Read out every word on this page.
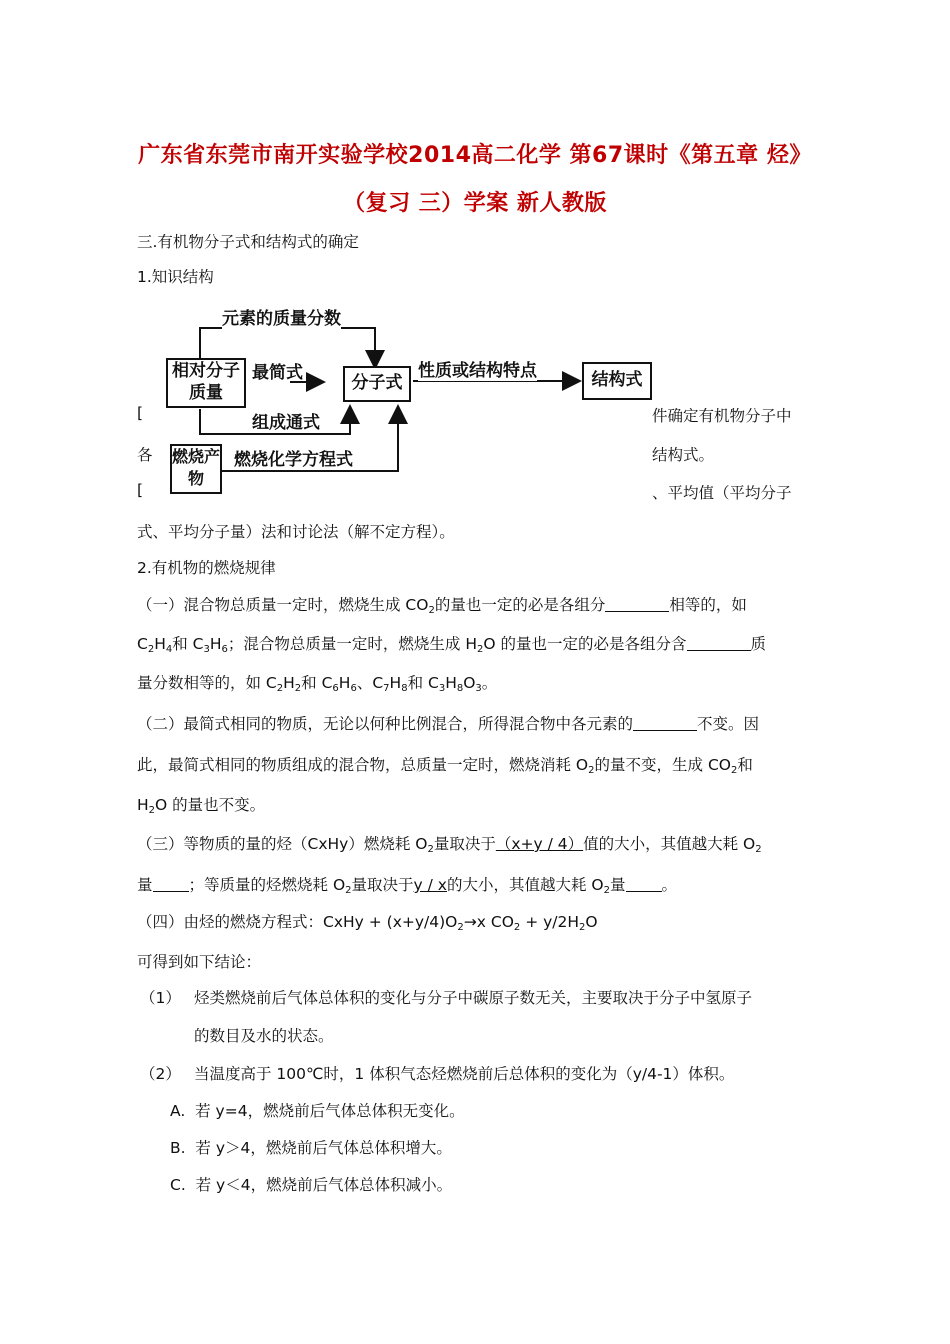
广东省东莞市南开实验学校2014高二化学 第67课时《第五章 烃》
（复习 三）学案 新人教版
三.有机物分子式和结构式的确定
1.知识结构
[	件确定有机物分子中
各	结构式。
[	、平均值（平均分子
相对分子质量	分子式	结构式
燃烧产物
元素的质量分数
最简式
组成通式
燃烧化学方程式
性质或结构特点
式、平均分子量）法和讨论法（解不定方程）。
2.有机物的燃烧规律
（一）混合物总质量一定时，燃烧生成 $CO_2$的量也一定的必是各组分	相等的，如
$C_2H_4$和 $C_3H_6$；混合物总质量一定时，燃烧生成 $H_2O$ 的量也一定的必是各组分含	质
量分数相等的，如 $C_2H_2$和 $C_6H_6$、$C_7H_8$和 $C_3H_8O_3$。
（二）最简式相同的物质，无论以何种比例混合，所得混合物中各元素的	不变。因
此，最简式相同的物质组成的混合物，总质量一定时，燃烧消耗 $O_2$的量不变，生成 $CO_2$和
$H_2O$ 的量也不变。
（三）等物质的量的烃（CxHy）燃烧耗 $O_2$量取决于（x+y / 4）值的大小，其值越大耗 $O_2$
量 ；等质量的烃燃烧耗 $O_2$量取决于y / x的大小，其值越大耗 $O_2$量 。
（四）由烃的燃烧方程式：CxHy + $(x+y/4)O_2\to x$ $CO_2 + y/2H_2O$
可得到如下结论：
（1） 烃类燃烧前后气体总体积的变化与分子中碳原子数无关，主要取决于分子中氢原子
的数目及水的状态。
（2） 当温度高于 100℃时，1 体积气态烃燃烧前后总体积的变化为（y/4-1）体积。
A. 若 y=4，燃烧前后气体总体积无变化。
B. 若 y＞4，燃烧前后气体总体积增大。
C. 若 y＜4，燃烧前后气体总体积减小。
